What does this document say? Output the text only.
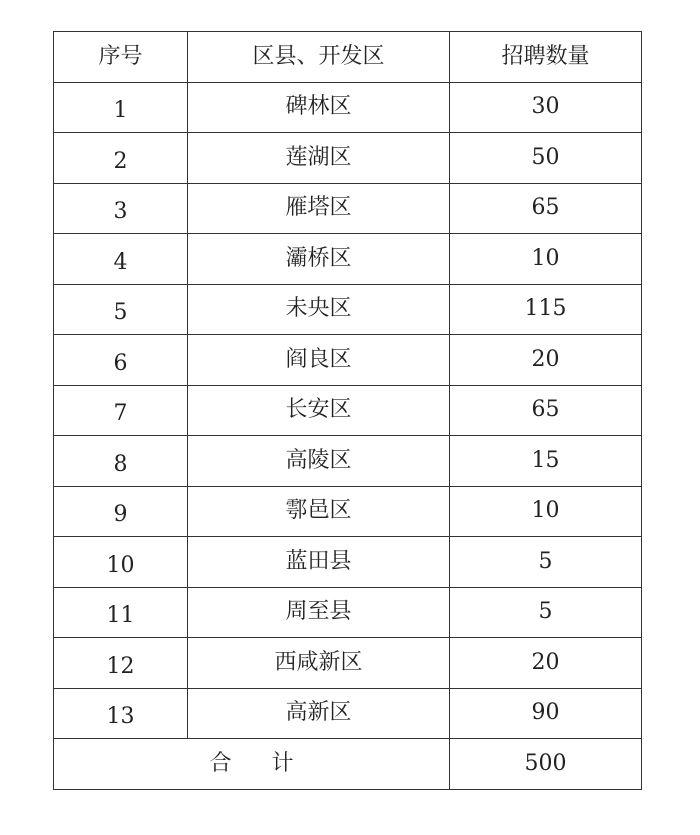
序号	区县、开发区	招聘数量
1	碑林区	30
2	莲湖区	50
3	雁塔区	65
4	灞桥区	10
5	未央区	115
6	阎良区	20
7	长安区	65
8	高陵区	15
9	鄠邑区	10
10	蓝田县	5
11	周至县	5
12	西咸新区	20
13	高新区	90
合计		500
